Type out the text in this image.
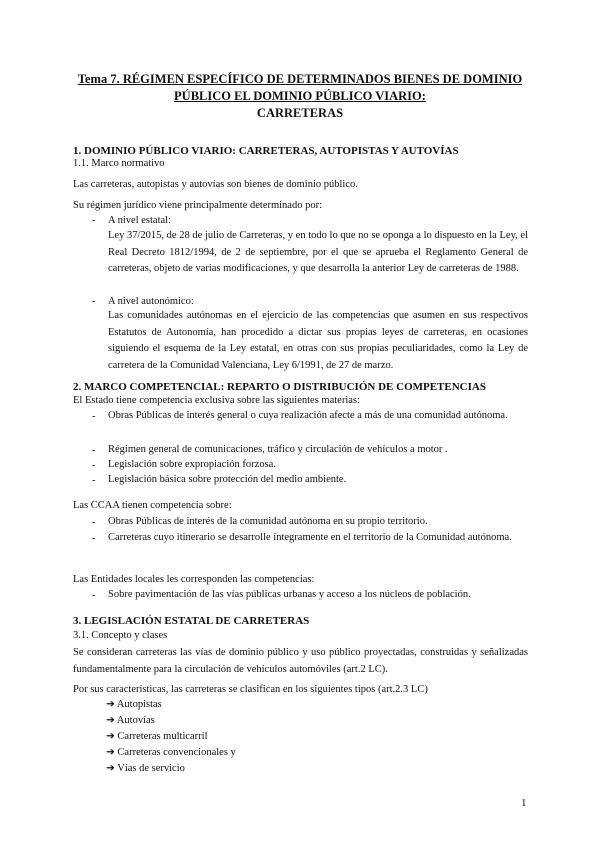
Tema 7. RÉGIMEN ESPECÍFICO DE DETERMINADOS BIENES DE DOMINIO
PÚBLICO EL DOMINIO PÚBLICO VIARIO:
CARRETERAS
1. DOMINIO PÚBLICO VIARIO: CARRETERAS, AUTOPISTAS Y AUTOVÍAS
1.1. Marco normativo
Las carreteras, autopistas y autovías son bienes de dominio público.
Su régimen jurídico viene principalmente determinado por:
- A nivel estatal:
Ley 37/2015, de 28 de julio de Carreteras, y en todo lo que no se oponga a lo dispuesto en la Ley, el Real Decreto 1812/1994, de 2 de septiembre, por el que se aprueba el Reglamento General de carreteras, objeto de varias modificaciones, y que desarrolla la anterior Ley de carreteras de 1988.
- A nivel autonómico:
Las comunidades autónomas en el ejercicio de las competencias que asumen en sus respectivos Estatutos de Autonomía, han procedido a dictar sus propias leyes de carreteras, en ocasiones siguiendo el esquema de la Ley estatal, en otras con sus propias peculiaridades, como la Ley de carretera de la Comunidad Valenciana, Ley 6/1991, de 27 de marzo.
2. MARCO COMPETENCIAL: REPARTO O DISTRIBUCIÓN DE COMPETENCIAS
El Estado tiene competencia exclusiva sobre las siguientes materias:
- Obras Públicas de interés general o cuya realización afecte a más de una comunidad autónoma.
- Régimen general de comunicaciones, tráfico y circulación de vehículos a motor .
- Legislación sobre expropiación forzosa.
- Legislación básica sobre protección del medio ambiente.
Las CCAA tienen competencia sobre:
- Obras Públicas de interés de la comunidad autónoma en su propio territorio.
- Carreteras cuyo itinerario se desarrolle íntegramente en el territorio de la Comunidad autónoma.
Las Entidades locales les corresponden las competencias:
- Sobre pavimentación de las vías públicas urbanas y acceso a los núcleos de población.
3. LEGISLACIÓN ESTATAL DE CARRETERAS
3.1. Concepto y clases
Se consideran carreteras las vías de dominio público y uso público proyectadas, construidas y señalizadas fundamentalmente para la circulación de vehículos automóviles (art.2 LC).
Por sus características, las carreteras se clasifican en los siguientes tipos (art.2.3 LC)
➔ Autopistas
➔ Autovías
➔ Carreteras multicarril
➔ Carreteras convencionales y
➔ Vías de servicio
1
